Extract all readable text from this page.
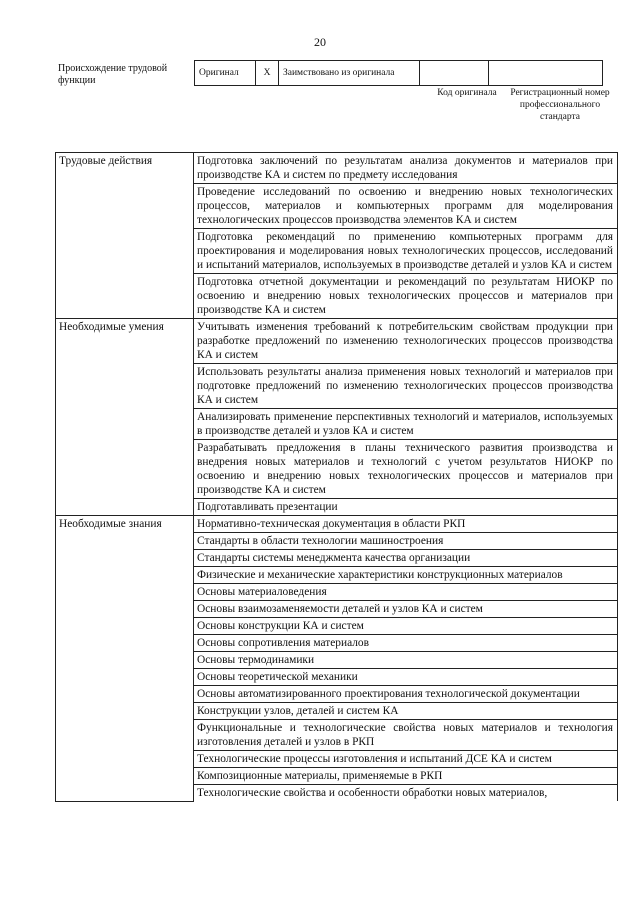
20
Происхождение трудовой функции
Оригинал	X	Заимствовано из оригинала		
Код оригинала	Регистрационный номер профессионального стандарта
Трудовые действия	Подготовка заключений по результатам анализа документов и материалов при производстве КА и систем по предмету исследования
	Проведение исследований по освоению и внедрению новых технологических процессов, материалов и компьютерных программ для моделирования технологических процессов производства элементов КА и систем
	Подготовка рекомендаций по применению компьютерных программ для проектирования и моделирования новых технологических процессов, исследований и испытаний материалов, используемых в производстве деталей и узлов КА и систем
	Подготовка отчетной документации и рекомендаций по результатам НИОКР по освоению и внедрению новых технологических процессов и материалов при производстве КА и систем
Необходимые умения	Учитывать изменения требований к потребительским свойствам продукции при разработке предложений по изменению технологических процессов производства КА и систем
	Использовать результаты анализа применения новых технологий и материалов при подготовке предложений по изменению технологических процессов производства КА и систем
	Анализировать применение перспективных технологий и материалов, используемых в производстве деталей и узлов КА и систем
	Разрабатывать предложения в планы технического развития производства и внедрения новых материалов и технологий с учетом результатов НИОКР по освоению и внедрению новых технологических процессов и материалов при производстве КА и систем
	Подготавливать презентации
Необходимые знания	Нормативно-техническая документация в области РКП
	Стандарты в области технологии машиностроения
	Стандарты системы менеджмента качества организации
	Физические и механические характеристики конструкционных материалов
	Основы материаловедения
	Основы взаимозаменяемости деталей и узлов КА и систем
	Основы конструкции КА и систем
	Основы сопротивления материалов
	Основы термодинамики
	Основы теоретической механики
	Основы автоматизированного проектирования технологической документации
	Конструкции узлов, деталей и систем КА
	Функциональные и технологические свойства новых материалов и технология изготовления деталей и узлов в РКП
	Технологические процессы изготовления и испытаний ДСЕ КА и систем
	Композиционные материалы, применяемые в РКП
	Технологические свойства и особенности обработки новых материалов,
